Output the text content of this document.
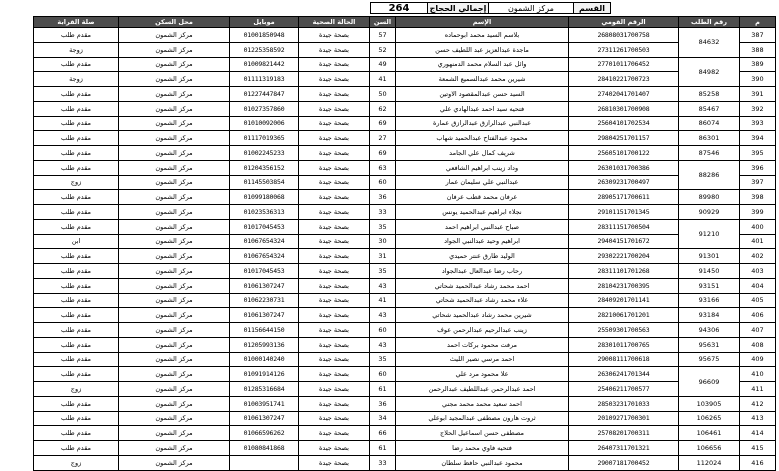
القسم
مركز الشمون
إجمالي الحجاج
264
م	رقم الطلب	الرقم القومي	الإسم	السن	الحالة الصحية	موبايل	محل السكن	صلة القرابة
387	84632	26808031700758	بلاسم السيد محمد ابوحماده	57	بصحة جيدة	01001850948	مركز الشمون	مقدم طلب
388		27311261700503	ماجدة عبدالعزيز عبد اللطيف حسن	52	بصحة جيدة	01225358592	مركز الشمون	زوجة
389	84982	27701011706452	وائل عبد السلام محمد الدمنهوري	49	بصحة جيدة	01009821442	مركز الشمون	مقدم طلب
390		28410221700723	شيرين محمد عبدالسميع الشمعة	41	بصحة جيدة	01111319183	مركز الشمون	زوجة
391	85258	27402041701407	السيد حسن عبدالمقصود الاوتين	50	بصحة جيدة	01227447847	مركز الشمون	مقدم طلب
392	85467	26810301700908	فتحيه سيد احمد عبدالهادي علي	62	بصحة جيدة	01027357860	مركز الشمون	مقدم طلب
393	86074	25604101702534	عبدالنبي عبدالرازق عبدالرازق عمارة	69	بصحة جيدة	01010092006	مركز الشمون	مقدم طلب
394	86301	29804251701157	محمود عبدالفتاح عبدالحميد شهاب	27	بصحة جيدة	01117019365	مركز الشمون	مقدم طلب
395	87546	25605101700122	شريف كمال علي الجامد	69	بصحة جيدة	01002245233	مركز الشمون	مقدم طلب
396	88286	26301031700386	وداد زينب ابراهيم الشافعي	63	بصحة جيدة	01204356152	مركز الشمون	مقدم طلب
397		26309231700497	عبدالنبي علي سليمان عمار	60	بصحة جيدة	01145503854	مركز الشمون	زوج
398	89980	28905171700611	عرفان محمد قطب عرفان	36	بصحة جيدة	01099180068	مركز الشمون	مقدم طلب
399	90929	29101151701345	نجلاء ابراهيم عبدالحميد يونس	33	بصحة جيدة	01023536313	مركز الشمون	مقدم طلب
400	91210	28311151700504	صباح عبدالنبي ابراهيم احمد	35	بصحة جيدة	01017045453	مركز الشمون	مقدم طلب
401		29404151701672	ابراهيم وحيد عبدالنبي الجواد	30	بصحة جيدة	01067654324	مركز الشمون	ابن
402	91301	29302221700204	الوليد طارق عنتر حميدي	31	بصحة جيدة	01067654324	مركز الشمون	مقدم طلب
403	91450	28311101701268	رحاب رضا عبدالعال عبدالجواد	35	بصحة جيدة	01017045453	مركز الشمون	مقدم طلب
404	93151	28104231700395	احمد محمد رشاد عبدالحميد شحاتي	43	بصحة جيدة	01061307247	مركز الشمون	مقدم طلب
405	93166	28409201701141	علاء محمد رشاد عبدالحميد شحاتي	41	بصحة جيدة	01062230731	مركز الشمون	مقدم طلب
406	93184	28210061701201	شيرين محمد رشاد عبدالحميد شحاتي	43	بصحة جيدة	01061307247	مركز الشمون	مقدم طلب
407	94306	25509301700563	زينب عبدالرحيم عبدالرحمن عوف	60	بصحة جيدة	01156644150	مركز الشمون	مقدم طلب
408	95631	28301011700765	مرفت محمود بركات احمد	43	بصحة جيدة	01205993136	مركز الشمون	مقدم طلب
409	95675	29008111700618	احمد مرسي نصير الليث	35	بصحة جيدة	01000140240	مركز الشمون	مقدم طلب
410	96609	26306241701344	علا محمود مرد علي	60	بصحة جيدة	01091914126	مركز الشمون	مقدم طلب
411		25406211700577	احمد عبدالرحمن عبداللطيف عبدالرحمن	61	بصحة جيدة	01285316684	مركز الشمون	زوج
412	103905	28503231701033	احمد سعيد محمد محمد مجني	36	بصحة جيدة	01003951741	مركز الشمون	مقدم طلب
413	106265	20109271700301	ثروت هارون مصطفى عبدالمجيد ابوعلي	34	بصحة جيدة	01061307247	مركز الشمون	مقدم طلب
414	106461	25708201700311	مصطفى حسن اسماعيل الحلاج	66	بصحة جيدة	01066596262	مركز الشمون	مقدم طلب
415	106656	26407311701321	فتحيه فاوي محمد رضا	61	بصحة جيدة	01080841868	مركز الشمون	مقدم طلب
416	112024	29007181700452	محمود عبدالنبي حافظ سلطان	33	بصحة جيدة		مركز الشمون	زوج
